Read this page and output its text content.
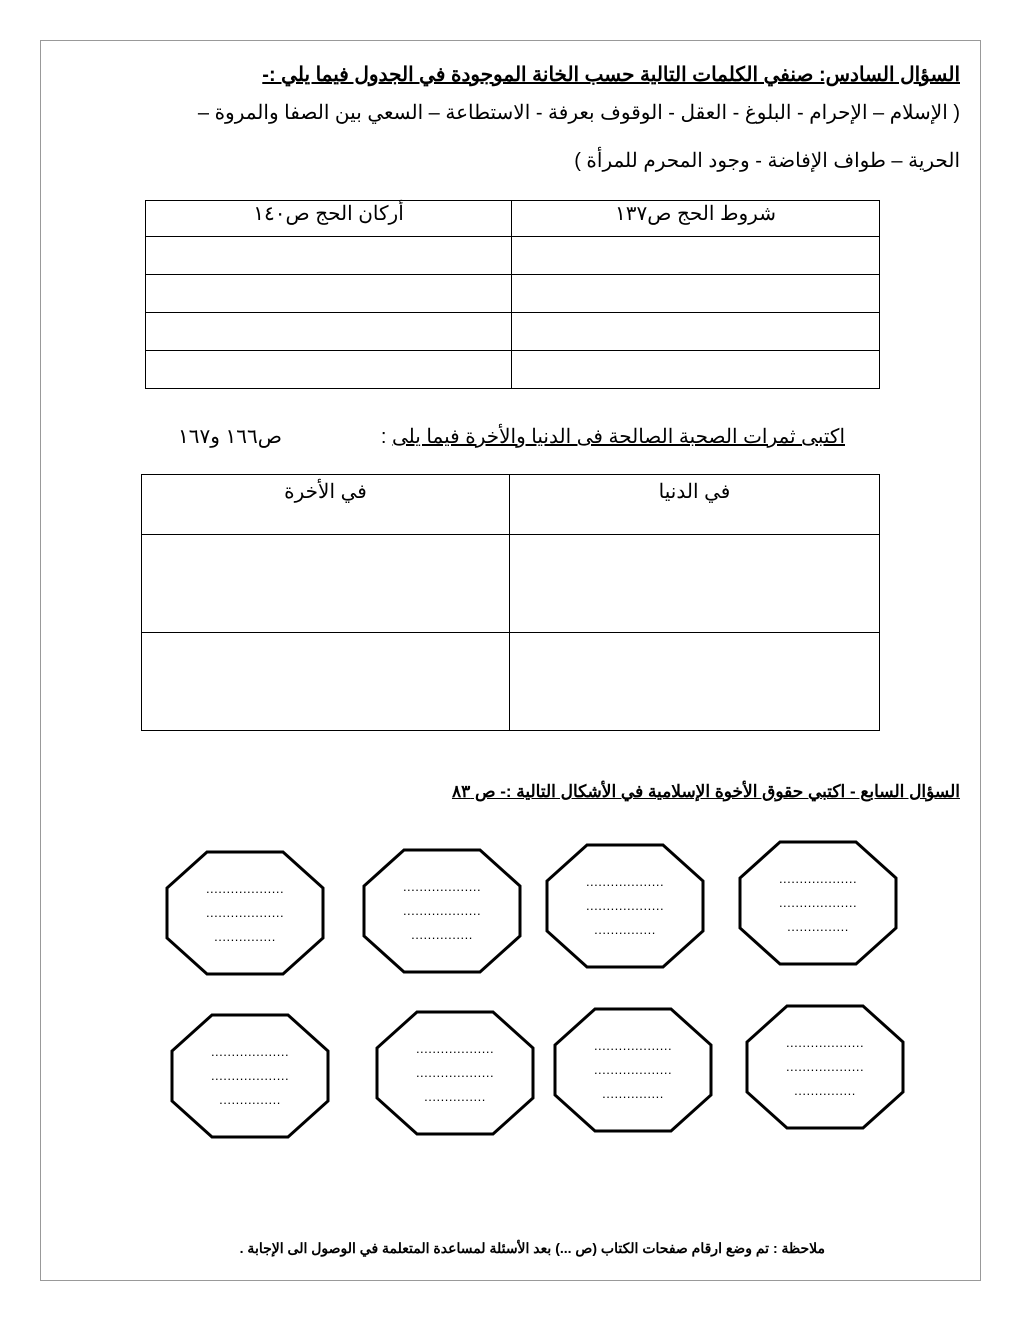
السؤال السادس: صنفي الكلمات التالية حسب الخانة الموجودة في الجدول فيما يلي :-
( الإسلام – الإحرام - البلوغ - العقل - الوقوف بعرفة - الاستطاعة – السعي بين الصفا والمروة –
الحرية – طواف الإفاضة - وجود المحرم للمرأة )
شروط الحج ص١٣٧	أركان الحج ص١٤٠

اكتبى ثمرات الصحبة الصالحة فى الدنيا والأخرة فيما يلى :
ص١٦٦ و١٦٧
في الدنيا	في الأخرة

السؤال السابع - اكتبي حقوق الأخوة الإسلامية في الأشكال التالية :- ص ٨٣
...................
...................
...............
...................
...................
...............
...................
...................
...............
...................
...................
...............
...................
...................
...............
...................
...................
...............
...................
...................
...............
...................
...................
...............
ملاحظة : تم وضع ارقام صفحات الكتاب (ص ...) بعد الأسئلة لمساعدة المتعلمة في الوصول الى الإجابة .
